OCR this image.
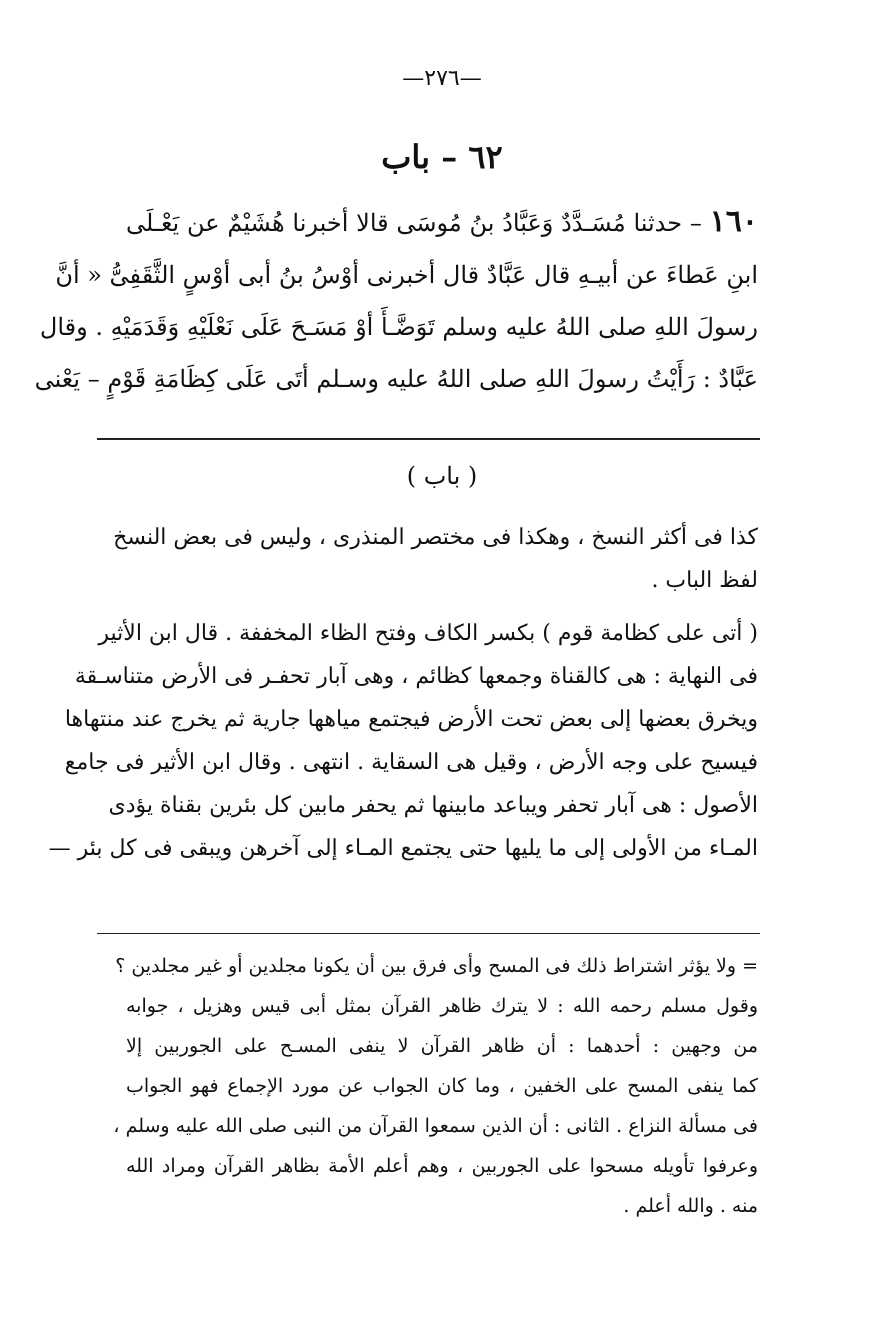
—٢٧٦—
٦٢ – باب
١٦٠ – حدثنا مُسَـدَّدٌ وَعَبَّادُ بنُ مُوسَى قالا أخبرنا هُشَيْمٌ عن يَعْـلَى
ابنِ عَطاءَ عن أبيـهِ قال عَبَّادٌ قال أخبرنى أوْسُ بنُ أبى أوْسٍ الثَّقَفِىُّ « أنَّ
رسولَ اللهِ صلى اللهُ عليه وسلم تَوَضَّـأَ أوْ مَسَـحَ عَلَى نَعْلَيْهِ وَقَدَمَيْهِ . وقال
عَبَّادٌ : رَأَيْتُ رسولَ اللهِ صلى اللهُ عليه وسـلم أتَى عَلَى كِظَامَةِ قَوْمٍ – يَعْنى
( باب )
كذا فى أكثر النسخ ، وهكذا فى مختصر المنذرى ، وليس فى بعض النسخ
لفظ الباب .
( أتى على كظامة قوم ) بكسر الكاف وفتح الظاء المخففة . قال ابن الأثير
فى النهاية : هى كالقناة وجمعها كظائم ، وهى آبار تحفـر فى الأرض متناسـقة
ويخرق بعضها إلى بعض تحت الأرض فيجتمع مياهها جارية ثم يخرج عند منتهاها
فيسيح على وجه الأرض ، وقيل هى السقاية . انتهى . وقال ابن الأثير فى جامع
الأصول : هى آبار تحفر ويباعد مابينها ثم يحفر مابين كل بئرين بقناة يؤدى
المـاء من الأولى إلى ما يليها حتى يجتمع المـاء إلى آخرهن ويبقى فى كل بئر —
= ولا يؤثر اشتراط ذلك فى المسح وأى فرق بين أن يكونا مجلدين أو غير مجلدين ؟
وقول مسلم رحمه الله : لا يترك ظاهر القرآن بمثل أبى قيس وهزيل ، جوابه
من وجهين : أحدهما : أن ظاهر القرآن لا ينفى المسـح على الجوربين إلا
كما ينفى المسح على الخفين ، وما كان الجواب عن مورد الإجماع فهو الجواب
فى مسألة النزاع . الثانى : أن الذين سمعوا القرآن من النبى صلى الله عليه وسلم ،
وعرفوا تأويله مسحوا على الجوربين ، وهم أعلم الأمة بظاهر القرآن ومراد الله
منه . والله أعلم .
